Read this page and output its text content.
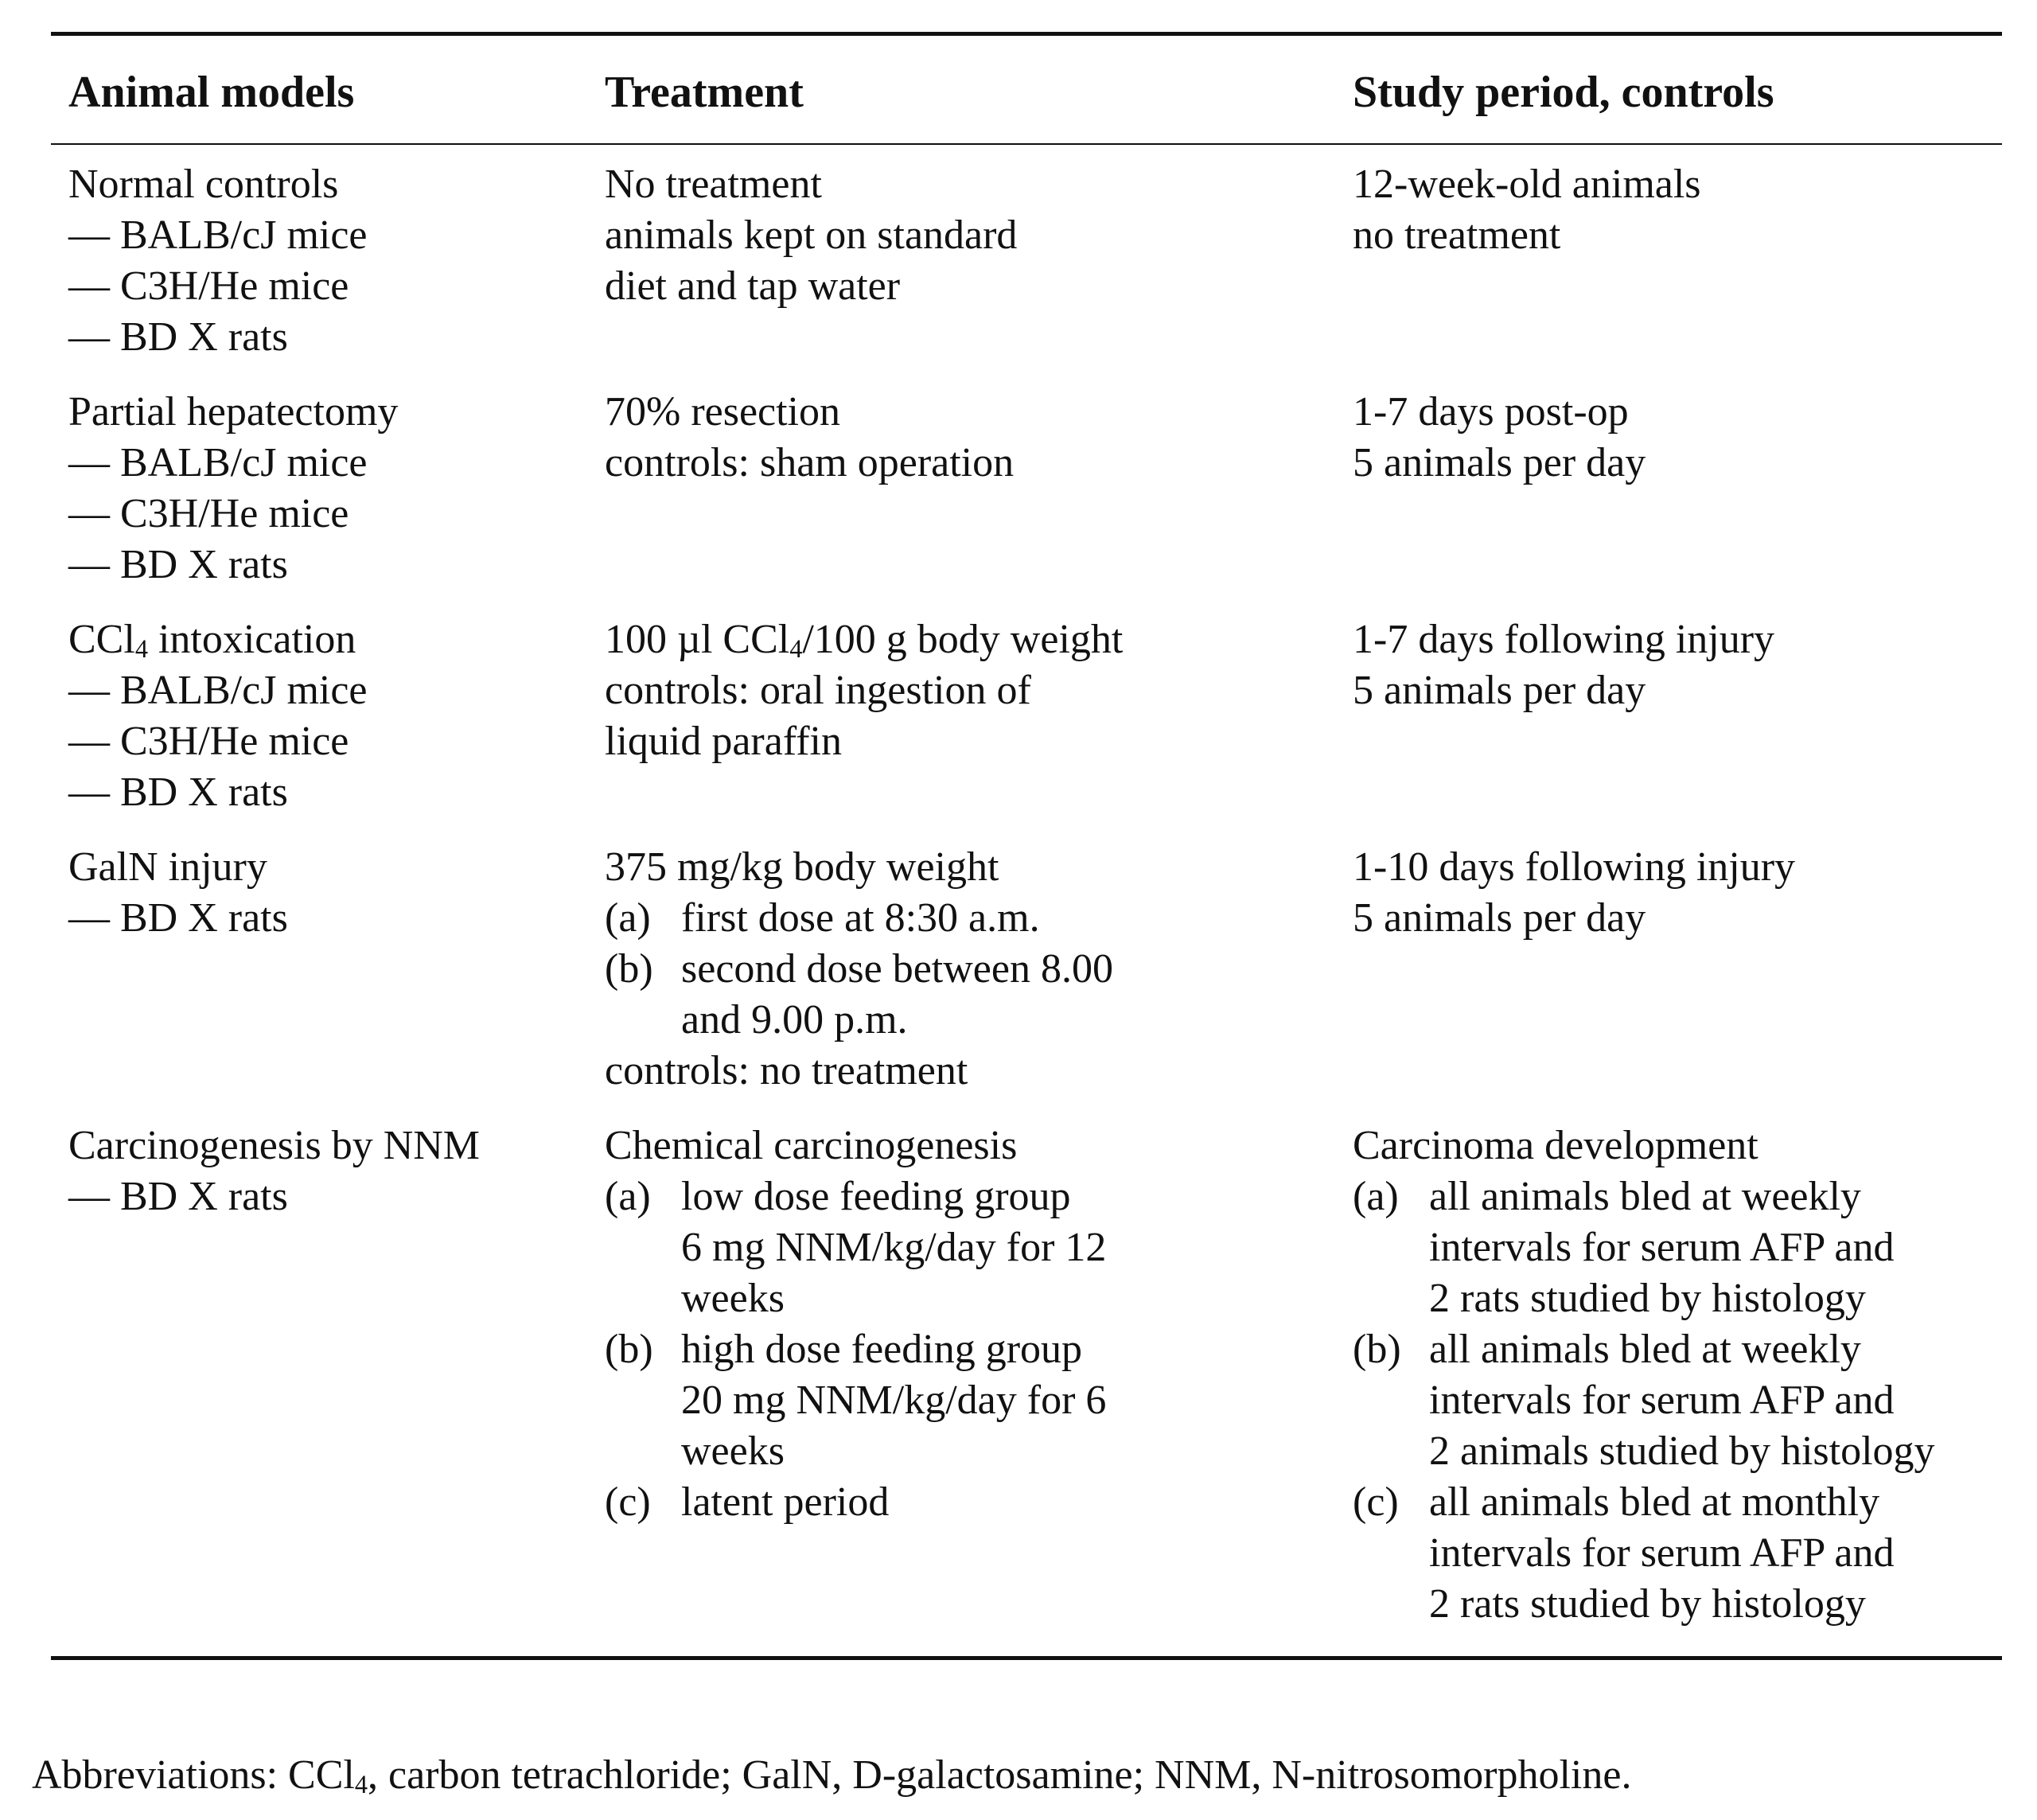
Animal models	Treatment	Study period, controls
Normal controls
— BALB/cJ mice
— C3H/He mice
— BD X rats
No treatment
animals kept on standard
diet and tap water
12-week-old animals
no treatment
Partial hepatectomy
— BALB/cJ mice
— C3H/He mice
— BD X rats
70% resection
controls: sham operation
1-7 days post-op
5 animals per day
CCl$_4$ intoxication
— BALB/cJ mice
— C3H/He mice
— BD X rats
100 µl CCl$_4$/100 g body weight
controls: oral ingestion of
liquid paraffin
1-7 days following injury
5 animals per day
GalN injury
— BD X rats
375 mg/kg body weight
(a) first dose at 8:30 a.m.
(b) second dose between 8.00
and 9.00 p.m.
controls: no treatment
1-10 days following injury
5 animals per day
Carcinogenesis by NNM
— BD X rats
Chemical carcinogenesis
(a) low dose feeding group
6 mg NNM/kg/day for 12
weeks
(b) high dose feeding group
20 mg NNM/kg/day for 6
weeks
(c) latent period
Carcinoma development
(a) all animals bled at weekly
intervals for serum AFP and
2 rats studied by histology
(b) all animals bled at weekly
intervals for serum AFP and
2 animals studied by histology
(c) all animals bled at monthly
intervals for serum AFP and
2 rats studied by histology
Abbreviations: CCl$_4$, carbon tetrachloride; GalN, D-galactosamine; NNM, N-nitrosomorpholine.
